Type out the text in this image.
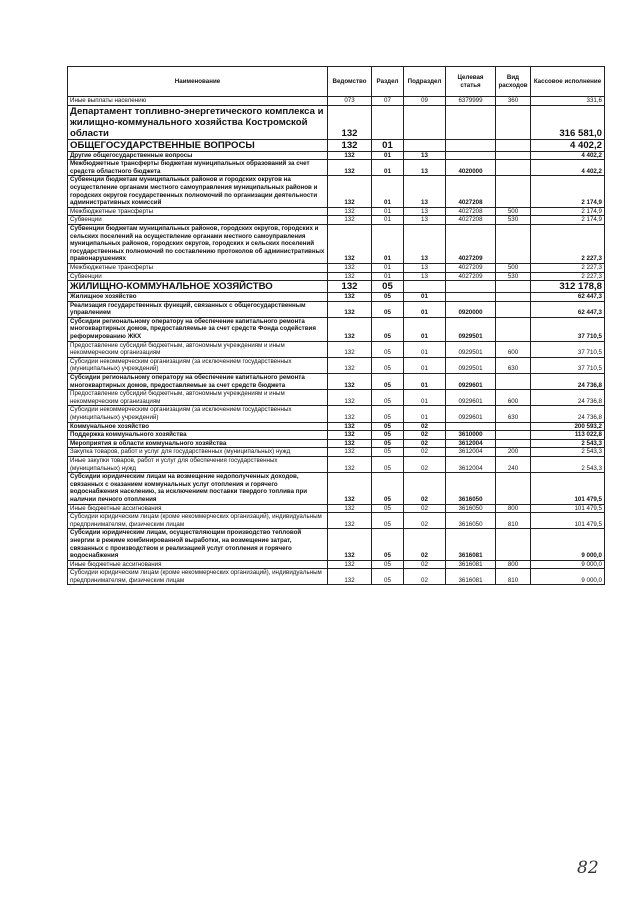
Наименование	Ведомство	Раздел	Подраздел	Целевая статья	Вид расходов	Кассовое исполнение
Иные выплаты населению	073	07	09	6379999	360	331,6
Департамент топливно-энергетического комплекса и жилищно-коммунального хозяйства Костромской области	132					316 581,0
ОБЩЕГОСУДАРСТВЕННЫЕ ВОПРОСЫ	132	01				4 402,2
Другие общегосударственные вопросы	132	01	13			4 402,2
Межбюджетные трансферты бюджетам муниципальных образований за счет средств областного бюджета	132	01	13	4020000		4 402,2
Субвенции бюджетам муниципальных районов и городских округов на осуществление органами местного самоуправления муниципальных районов и городских округов государственных полномочий по организации деятельности административных комиссий	132	01	13	4027208		2 174,9
Межбюджетные трансферты	132	01	13	4027208	500	2 174,9
Субвенции	132	01	13	4027208	530	2 174,9
Субвенции бюджетам муниципальных районов, городских округов, городских и сельских поселений на осуществление органами местного самоуправления муниципальных районов, городских округов, городских и сельских поселений государственных полномочий по составлению протоколов об административных правонарушениях	132	01	13	4027209		2 227,3
Межбюджетные трансферты	132	01	13	4027209	500	2 227,3
Субвенции	132	01	13	4027209	530	2 227,3
ЖИЛИЩНО-КОММУНАЛЬНОЕ ХОЗЯЙСТВО	132	05				312 178,8
Жилищное хозяйство	132	05	01			62 447,3
Реализация государственных функций, связанных с общегосударственным управлением	132	05	01	0920000		62 447,3
Субсидии региональному оператору на обеспечение капитального ремонта многоквартирных домов, предоставляемые за счет средств Фонда содействия реформированию ЖКХ	132	05	01	0929501		37 710,5
Предоставление субсидий бюджетным, автономным учреждениям и иным некоммерческим организациям	132	05	01	0929501	600	37 710,5
Субсидии некоммерческим организациям (за исключением государственных (муниципальных) учреждений)	132	05	01	0929501	630	37 710,5
Субсидии региональному оператору на обеспечение капитального ремонта многоквартирных домов, предоставляемые за счет средств бюджета	132	05	01	0929601		24 736,8
Предоставление субсидий бюджетным, автономным учреждениям и иным некоммерческим организациям	132	05	01	0929601	600	24 736,8
Субсидии некоммерческим организациям (за исключением государственных (муниципальных) учреждений)	132	05	01	0929601	630	24 736,8
Коммунальное хозяйство	132	05	02			200 593,2
Поддержка коммунального хозяйства	132	05	02	3610000		113 022,8
Мероприятия в области коммунального хозяйства	132	05	02	3612004		2 543,3
Закупка товаров, работ и услуг для государственных (муниципальных) нужд	132	05	02	3612004	200	2 543,3
Иные закупки товаров, работ и услуг для обеспечения государственных (муниципальных) нужд	132	05	02	3612004	240	2 543,3
Субсидии юридическим лицам на возмещение недополученных доходов, связанных с оказанием коммунальных услуг отопления и горячего водоснабжения населению, за исключением поставки твердого топлива при наличии печного отопления	132	05	02	3616050		101 479,5
Иные бюджетные ассигнования	132	05	02	3616050	800	101 479,5
Субсидии юридическим лицам (кроме некоммерческих организаций), индивидуальным предпринимателям, физическим лицам	132	05	02	3616050	810	101 479,5
Субсидии юридическим лицам, осуществляющим производство тепловой энергии в режиме комбинированной выработки, на возмещение затрат, связанных с производством и реализацией услуг отопления и горячего водоснабжения	132	05	02	3616081		9 000,0
Иные бюджетные ассигнования	132	05	02	3616081	800	9 000,0
Субсидии юридическим лицам (кроме некоммерческих организаций), индивидуальным предпринимателям, физическим лицам	132	05	02	3616081	810	9 000,0
82
